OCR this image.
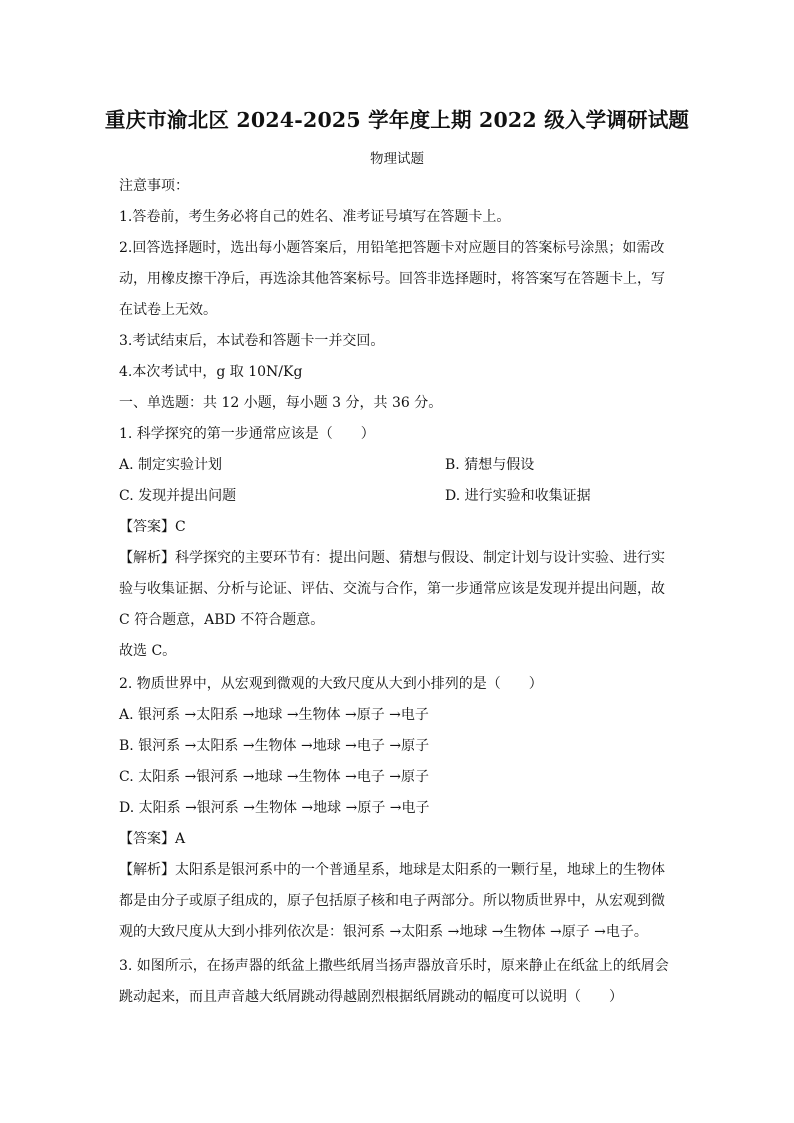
重庆市渝北区 2024-2025 学年度上期 2022 级入学调研试题
物理试题
注意事项：
1.答卷前，考生务必将自己的姓名、准考证号填写在答题卡上。
2.回答选择题时，选出每小题答案后，用铅笔把答题卡对应题目的答案标号涂黑；如需改
动，用橡皮擦干净后，再选涂其他答案标号。回答非选择题时，将答案写在答题卡上，写
在试卷上无效。
3.考试结束后，本试卷和答题卡一并交回。
4.本次考试中，g 取 10N/Kg
一、单选题：共 12 小题，每小题 3 分，共 36 分。
1. 科学探究的第一步通常应该是（　　）
A. 制定实验计划	B. 猜想与假设
C. 发现并提出问题	D. 进行实验和收集证据
【答案】C
【解析】科学探究的主要环节有：提出问题、猜想与假设、制定计划与设计实验、进行实
验与收集证据、分析与论证、评估、交流与合作，第一步通常应该是发现并提出问题，故
C 符合题意，ABD 不符合题意。
故选 C。
2. 物质世界中，从宏观到微观的大致尺度从大到小排列的是（　　）
A. 银河系 →太阳系 →地球 →生物体 →原子 →电子
B. 银河系 →太阳系 →生物体 →地球 →电子 →原子
C. 太阳系 →银河系 →地球 →生物体 →电子 →原子
D. 太阳系 →银河系 →生物体 →地球 →原子 →电子
【答案】A
【解析】太阳系是银河系中的一个普通星系，地球是太阳系的一颗行星，地球上的生物体
都是由分子或原子组成的，原子包括原子核和电子两部分。所以物质世界中，从宏观到微
观的大致尺度从大到小排列依次是：银河系 →太阳系 →地球 →生物体 →原子 →电子。
3. 如图所示，在扬声器的纸盆上撒些纸屑当扬声器放音乐时，原来静止在纸盆上的纸屑会
跳动起来，而且声音越大纸屑跳动得越剧烈根据纸屑跳动的幅度可以说明（　　）
